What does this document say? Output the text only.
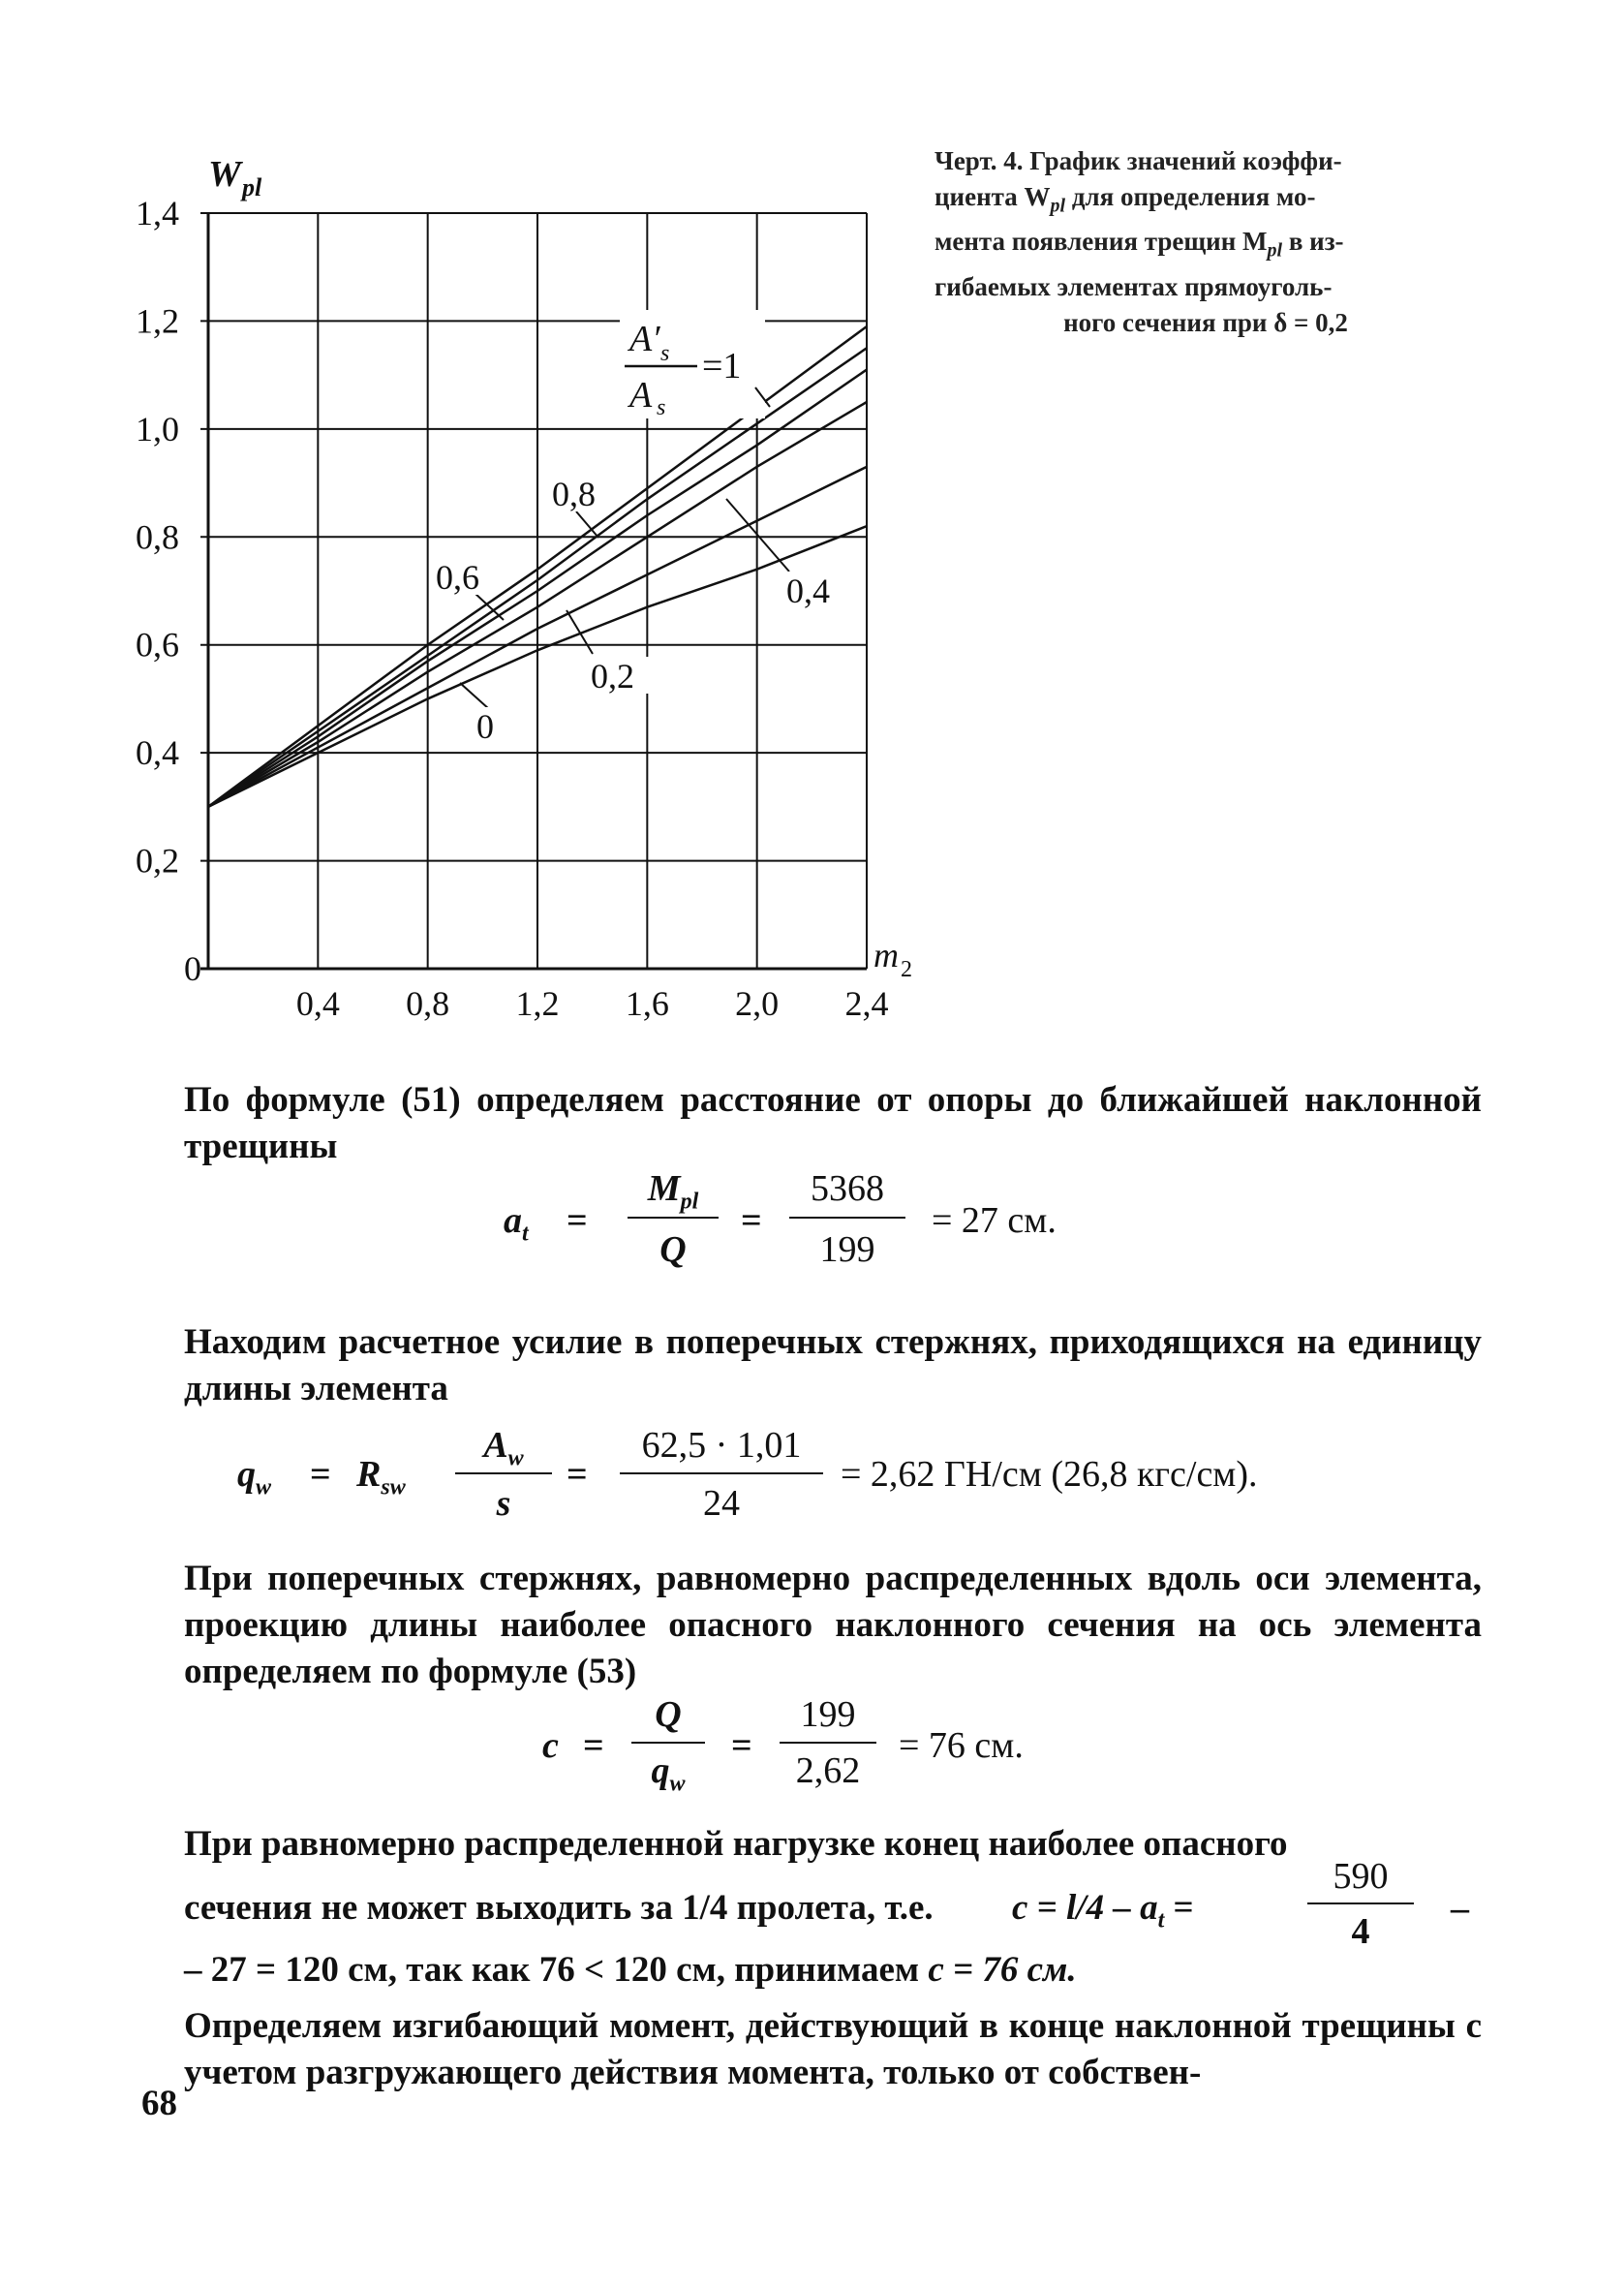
0
0,2
0,4
0,6
0,8
1,0
1,2
1,4
0,4 0,8 1,2 1,6 2,0 2,4
W pl
m 2
0
0,2
0,4
0,6
0,8
A′ s
A s
=1
Черт. 4. График значений коэффи-
циента $W_{pl}$ для определения мо-
мента появления трещин $M_{pl}$ в из-
гибаемых элементах прямоуголь-

ного сечения при δ = 0,2
По формуле (51) определяем расстояние от опоры до ближайшей наклонной трещины
$a_t$ =
$M_{pl}$
Q
=
5368
199
= 27 см.
Находим расчетное усилие в поперечных стержнях, приходящихся на единицу длины элемента
$q_w = R_{sw}$
$A_w$
s
=
62,5 · 1,01
24
= 2,62 ГН/см (26,8 кгс/см).
При поперечных стержнях, равномерно распределенных вдоль оси элемента, проекцию длины наиболее опасного наклонного сечения на ось элемента определяем по формуле (53)
c =
Q
$q_w$
=
199
2,62
= 76 см.
При равномерно распределенной нагрузке конец наиболее опасного
сечения не может выходить за 1/4 пролета, т.е. $c = l/4 - a_t$ =
590
4
–
– 27 = 120 см, так как 76 < 120 см, принимаем c = 76 см.
Определяем изгибающий момент, действующий в конце наклонной трещины с учетом разгружающего действия момента, только от собствен-
68
